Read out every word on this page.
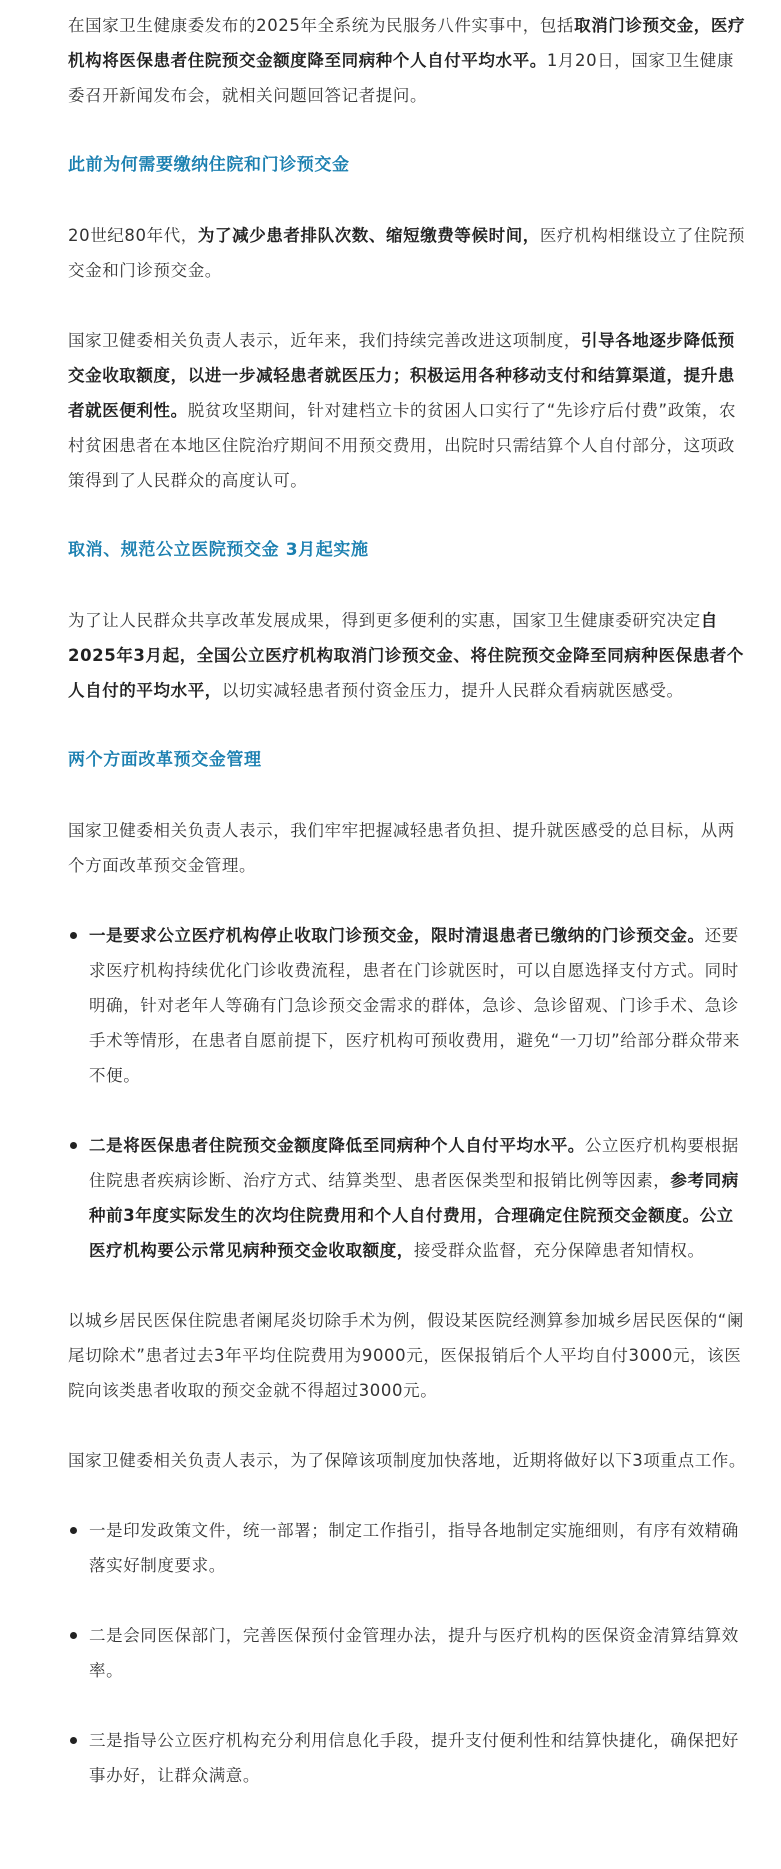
在国家卫生健康委发布的2025年全系统为民服务八件实事中，包括取消门诊预交金，医疗机构将医保患者住院预交金额度降至同病种个人自付平均水平。1月20日，国家卫生健康委召开新闻发布会，就相关问题回答记者提问。

此前为何需要缴纳住院和门诊预交金

20世纪80年代，为了减少患者排队次数、缩短缴费等候时间，医疗机构相继设立了住院预交金和门诊预交金。

国家卫健委相关负责人表示，近年来，我们持续完善改进这项制度，引导各地逐步降低预交金收取额度，以进一步减轻患者就医压力；积极运用各种移动支付和结算渠道，提升患者就医便利性。脱贫攻坚期间，针对建档立卡的贫困人口实行了“先诊疗后付费”政策，农村贫困患者在本地区住院治疗期间不用预交费用，出院时只需结算个人自付部分，这项政策得到了人民群众的高度认可。

取消、规范公立医院预交金 3月起实施

为了让人民群众共享改革发展成果，得到更多便利的实惠，国家卫生健康委研究决定自2025年3月起，全国公立医疗机构取消门诊预交金、将住院预交金降至同病种医保患者个人自付的平均水平，以切实减轻患者预付资金压力，提升人民群众看病就医感受。

两个方面改革预交金管理

国家卫健委相关负责人表示，我们牢牢把握减轻患者负担、提升就医感受的总目标，从两个方面改革预交金管理。

一是要求公立医疗机构停止收取门诊预交金，限时清退患者已缴纳的门诊预交金。还要求医疗机构持续优化门诊收费流程，患者在门诊就医时，可以自愿选择支付方式。同时明确，针对老年人等确有门急诊预交金需求的群体，急诊、急诊留观、门诊手术、急诊手术等情形，在患者自愿前提下，医疗机构可预收费用，避免“一刀切”给部分群众带来不便。
二是将医保患者住院预交金额度降低至同病种个人自付平均水平。公立医疗机构要根据住院患者疾病诊断、治疗方式、结算类型、患者医保类型和报销比例等因素，参考同病种前3年度实际发生的次均住院费用和个人自付费用，合理确定住院预交金额度。公立医疗机构要公示常见病种预交金收取额度，接受群众监督，充分保障患者知情权。

以城乡居民医保住院患者阑尾炎切除手术为例，假设某医院经测算参加城乡居民医保的“阑尾切除术”患者过去3年平均住院费用为9000元，医保报销后个人平均自付3000元，该医院向该类患者收取的预交金就不得超过3000元。

国家卫健委相关负责人表示，为了保障该项制度加快落地，近期将做好以下3项重点工作。

一是印发政策文件，统一部署；制定工作指引，指导各地制定实施细则，有序有效精确落实好制度要求。
二是会同医保部门，完善医保预付金管理办法，提升与医疗机构的医保资金清算结算效率。
三是指导公立医疗机构充分利用信息化手段，提升支付便利性和结算快捷化，确保把好事办好，让群众满意。
